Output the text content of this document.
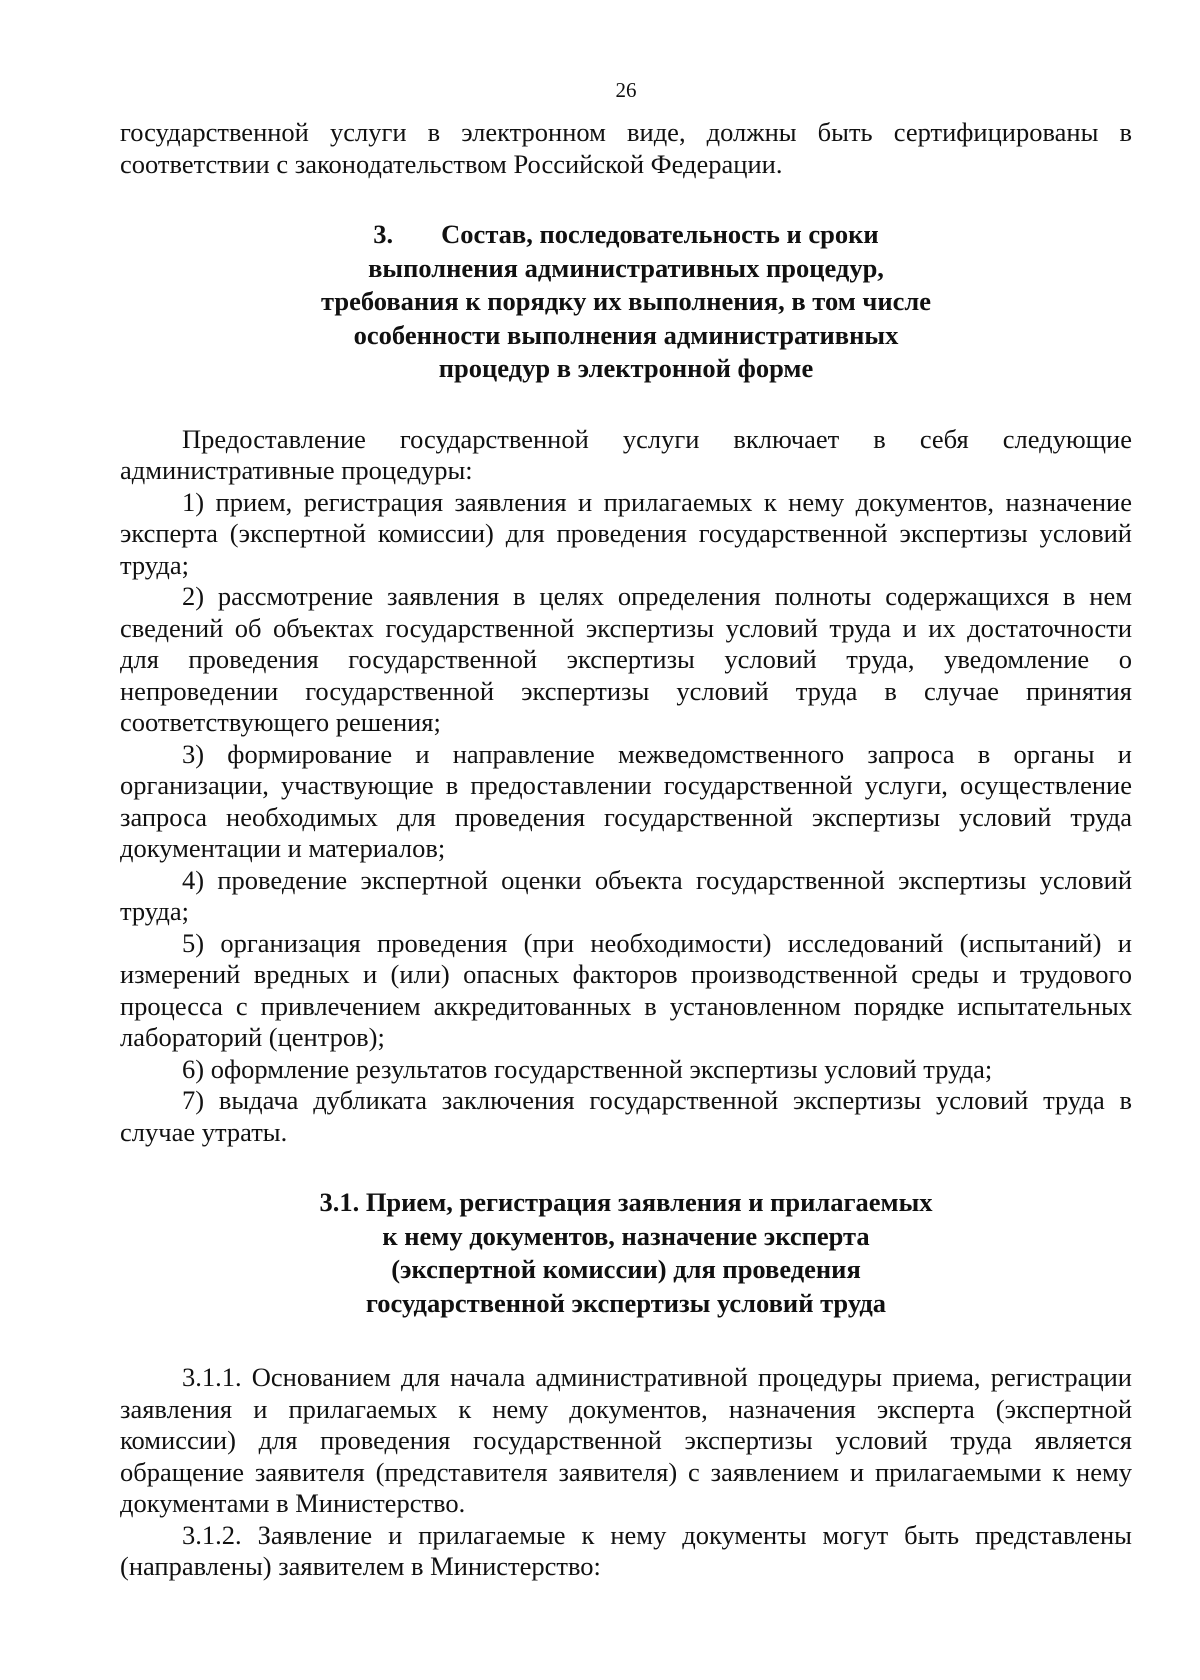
26

государственной услуги в электронном виде, должны быть сертифицированы в соответствии с законодательством Российской Федерации.

3. Состав, последовательность и сроки
выполнения административных процедур,
требования к порядку их выполнения, в том числе
особенности выполнения административных
процедур в электронной форме

Предоставление государственной услуги включает в себя следующие административные процедуры:

1) прием, регистрация заявления и прилагаемых к нему документов, назначение эксперта (экспертной комиссии) для проведения государственной экспертизы условий труда;

2) рассмотрение заявления в целях определения полноты содержащихся в нем сведений об объектах государственной экспертизы условий труда и их достаточности для проведения государственной экспертизы условий труда, уведомление о непроведении государственной экспертизы условий труда в случае принятия соответствующего решения;

3) формирование и направление межведомственного запроса в органы и организации, участвующие в предоставлении государственной услуги, осуществление запроса необходимых для проведения государственной экспертизы условий труда документации и материалов;

4) проведение экспертной оценки объекта государственной экспертизы условий труда;

5) организация проведения (при необходимости) исследований (испытаний) и измерений вредных и (или) опасных факторов производственной среды и трудового процесса с привлечением аккредитованных в установленном порядке испытательных лабораторий (центров);

6) оформление результатов государственной экспертизы условий труда;

7) выдача дубликата заключения государственной экспертизы условий труда в случае утраты.

3.1. Прием, регистрация заявления и прилагаемых
к нему документов, назначение эксперта
(экспертной комиссии) для проведения
государственной экспертизы условий труда

3.1.1. Основанием для начала административной процедуры приема, регистрации заявления и прилагаемых к нему документов, назначения эксперта (экспертной комиссии) для проведения государственной экспертизы условий труда является обращение заявителя (представителя заявителя) с заявлением и прилагаемыми к нему документами в Министерство.

3.1.2. Заявление и прилагаемые к нему документы могут быть представлены (направлены) заявителем в Министерство:
